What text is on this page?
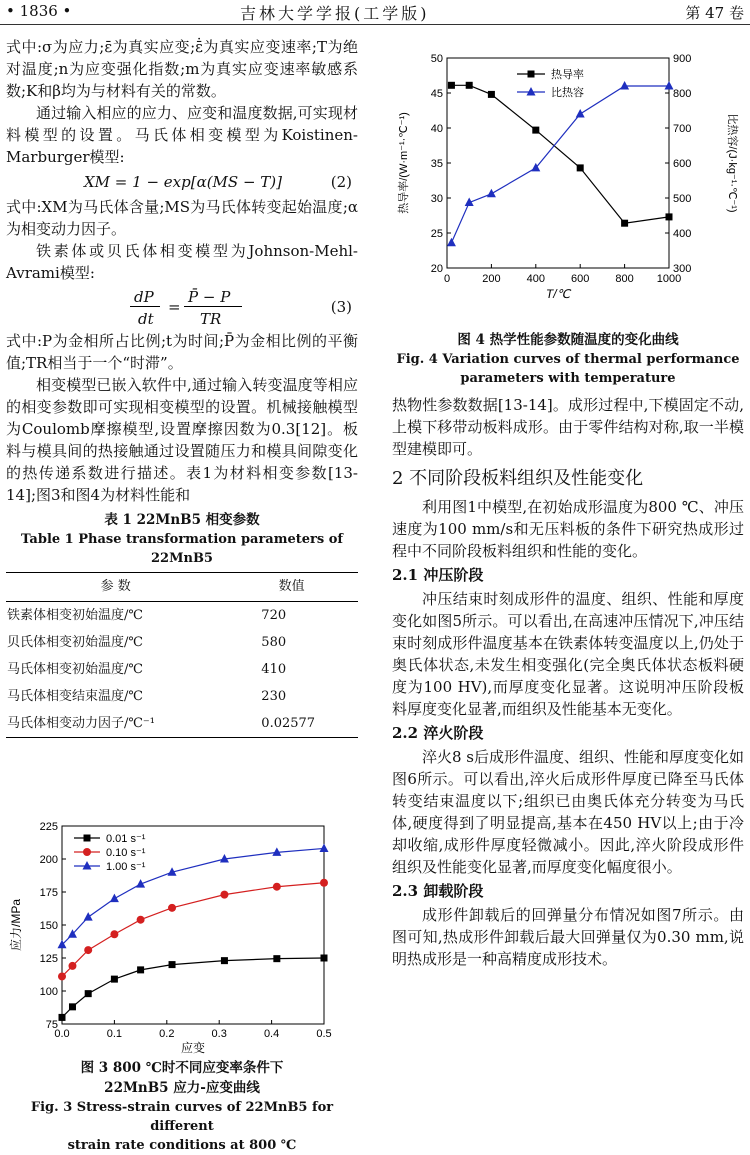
• 1836 •	吉林大学学报(工学版)	第 47 卷

式中:σ为应力;ε̄为真实应变;ε̄̇为真实应变速率;T为绝对温度;n为应变强化指数;m为真实应变速率敏感系数;K和β均为与材料有关的常数。

通过输入相应的应力、应变和温度数据,可实现材料模型的设置。马氏体相变模型为Koistinen-Marburger模型:

XM = 1 − exp[α(MS − T)]	(2)

式中:XM为马氏体含量;MS为马氏体转变起始温度;α为相变动力因子。

铁素体或贝氏体相变模型为Johnson-Mehl-Avrami模型:

dP
dt
=
P̄ − P
TR
(3)

式中:P为金相所占比例;t为时间;P̄为金相比例的平衡值;TR相当于一个“时滞”。

相变模型已嵌入软件中,通过输入转变温度等相应的相变参数即可实现相变模型的设置。机械接触模型为Coulomb摩擦模型,设置摩擦因数为0.3[12]。板料与模具间的热接触通过设置随压力和模具间隙变化的热传递系数进行描述。表1为材料相变参数[13-14];图3和图4为材料性能和

表 1 22MnB5 相变参数

Table 1 Phase transformation parameters of 22MnB5

参 数	数值
铁素体相变初始温度/℃	720
贝氏体相变初始温度/℃	580
马氏体相变初始温度/℃	410
马氏体相变结束温度/℃	230
马氏体相变动力因子/℃⁻¹	0.02577
0.0	0.1	0.2	0.3	0.4	0.5
75
100
125
150
175
200
225
应变
应力/MPa
0.01 s⁻¹
0.10 s⁻¹
1.00 s⁻¹

图 3 800 ℃时不同应变率条件下

22MnB5 应力-应变曲线

Fig. 3 Stress-strain curves of 22MnB5 for different

strain rate conditions at 800 ℃

0	200 400 600 800 1000
20
25
30
35
40
45
50
300
400
500
600
700
800
900
T/℃
热导率/(W·m⁻¹·℃⁻¹)	比热容/(J·kg⁻¹·℃⁻¹)
热导率
比热容

图 4 热学性能参数随温度的变化曲线

Fig. 4 Variation curves of thermal performance

parameters with temperature

热物性参数数据[13-14]。成形过程中,下模固定不动,上模下移带动板料成形。由于零件结构对称,取一半模型建模即可。

2 不同阶段板料组织及性能变化

利用图1中模型,在初始成形温度为800 ℃、冲压速度为100 mm/s和无压料板的条件下研究热成形过程中不同阶段板料组织和性能的变化。

2.1 冲压阶段

冲压结束时刻成形件的温度、组织、性能和厚度变化如图5所示。可以看出,在高速冲压情况下,冲压结束时刻成形件温度基本在铁素体转变温度以上,仍处于奥氏体状态,未发生相变强化(完全奥氏体状态板料硬度为100 HV),而厚度变化显著。这说明冲压阶段板料厚度变化显著,而组织及性能基本无变化。

2.2 淬火阶段

淬火8 s后成形件温度、组织、性能和厚度变化如图6所示。可以看出,淬火后成形件厚度已降至马氏体转变结束温度以下;组织已由奥氏体充分转变为马氏体,硬度得到了明显提高,基本在450 HV以上;由于冷却收缩,成形件厚度轻微减小。因此,淬火阶段成形件组织及性能变化显著,而厚度变化幅度很小。

2.3 卸载阶段

成形件卸载后的回弹量分布情况如图7所示。由图可知,热成形件卸载后最大回弹量仅为0.30 mm,说明热成形是一种高精度成形技术。
